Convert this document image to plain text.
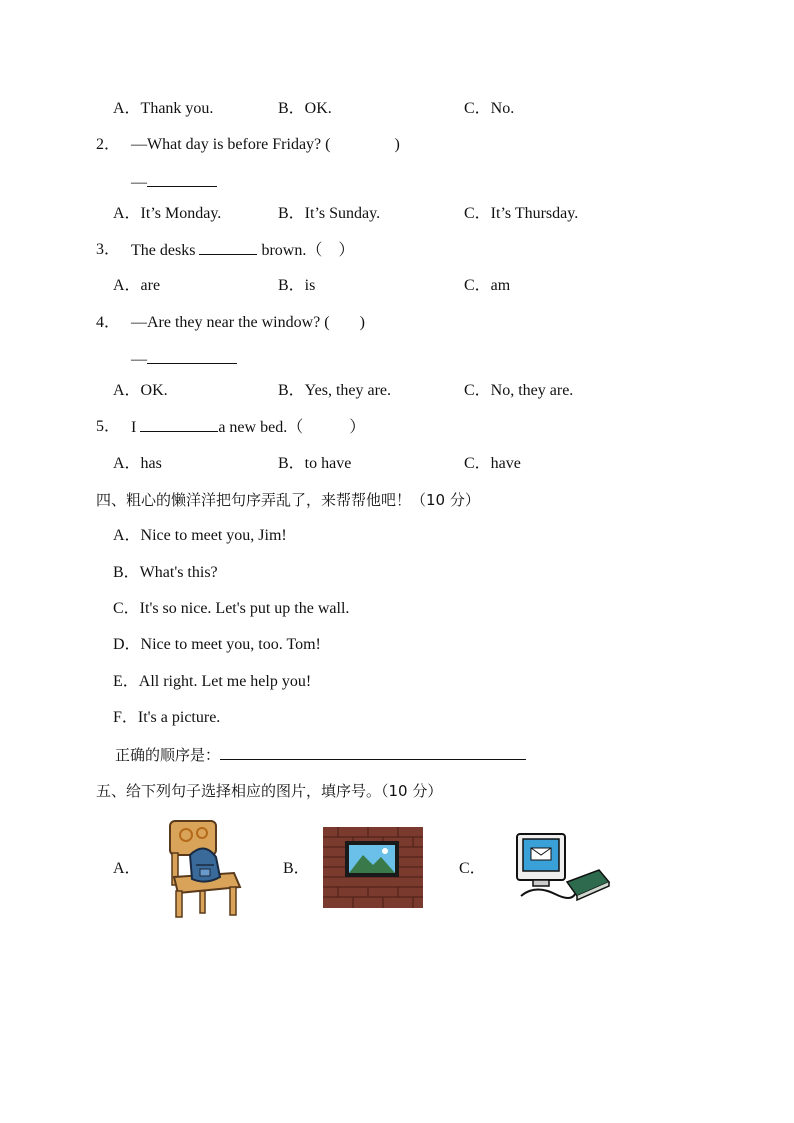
A．Thank you.	B．OK.	C．No.
2． —What day is before Friday? (	)
—
A．It’s Monday.	B．It’s Sunday.	C．It’s Thursday.
3． The desks	brown.（　）
A．are	B．is	C．am
4． —Are they near the window? ( )
—
A．OK.	B．Yes, they are.	C．No, they are.
5． I	a new bed.（	）
A．has	B．to have	C．have
四、粗心的懒洋洋把句序弄乱了，来帮帮他吧！（10 分）
A．Nice to meet you, Jim!
B．What's this?
C．It's so nice. Let's put up the wall.
D．Nice to meet you, too. Tom!
E．All right. Let me help you!
F．It's a picture.
正确的顺序是：
五、给下列句子选择相应的图片，填序号。（10 分）
A．	B．	C．
